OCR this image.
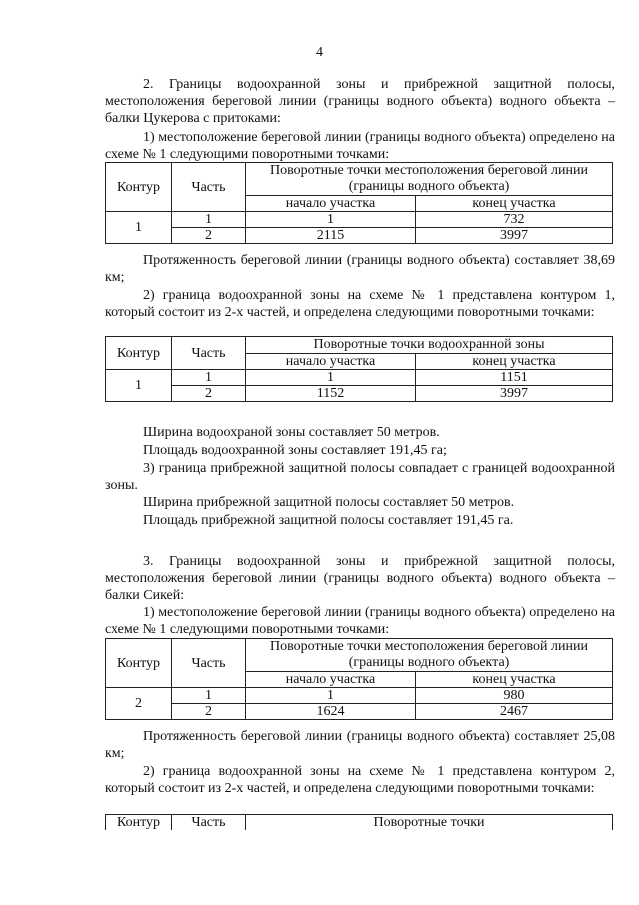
4
2. Границы водоохранной зоны и прибрежной защитной полосы, местоположения береговой линии (границы водного объекта) водного объекта – балки Цукерова с притоками:
1) местоположение береговой линии (границы водного объекта) определено на схеме № 1 следующими поворотными точками:
Контур	Часть	Поворотные точки местоположения береговой линии (границы водного объекта)	
		начало участка	конец участка
1	1	1	732
	2	2115	3997
Протяженность береговой линии (границы водного объекта) составляет 38,69 км;
2) граница водоохранной зоны на схеме № 1 представлена контуром 1, который состоит из 2-х частей, и определена следующими поворотными точками:
Контур	Часть	Поворотные точки водоохранной зоны	
		начало участка	конец участка
1	1	1	1151
	2	1152	3997
Ширина водоохраной зоны составляет 50 метров.
Площадь водоохранной зоны составляет 191,45 га;
3) граница прибрежной защитной полосы совпадает с границей водоохранной зоны.
Ширина прибрежной защитной полосы составляет 50 метров.
Площадь прибрежной защитной полосы составляет 191,45 га.
3. Границы водоохранной зоны и прибрежной защитной полосы, местоположения береговой линии (границы водного объекта) водного объекта – балки Сикей:
1) местоположение береговой линии (границы водного объекта) определено на схеме № 1 следующими поворотными точками:
Контур	Часть	Поворотные точки местоположения береговой линии (границы водного объекта)	
		начало участка	конец участка
2	1	1	980
	2	1624	2467
Протяженность береговой линии (границы водного объекта) составляет 25,08 км;
2) граница водоохранной зоны на схеме № 1 представлена контуром 2, который состоит из 2-х частей, и определена следующими поворотными точками:
Контур	Часть	Поворотные точки
